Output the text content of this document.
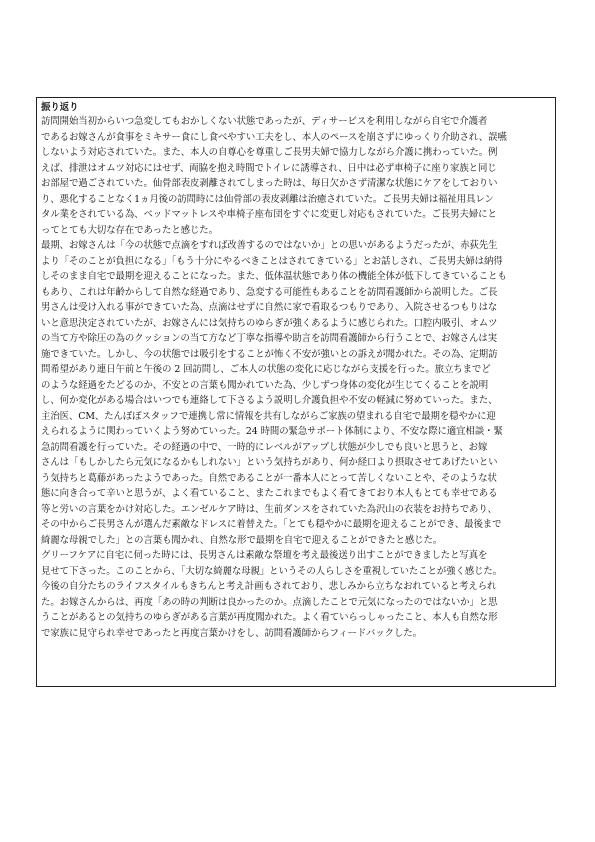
振り返り
訪問開始当初からいつ急変してもおかしくない状態であったが、ディサービスを利用しながら自宅で介護者
であるお嫁さんが食事をミキサー食にし食べやすい工夫をし、本人のペースを崩さずにゆっくり介助され、誤嚥
しないよう対応されていた。また、本人の自尊心を尊重しご長男夫婦で協力しながら介護に携わっていた。例
えば、排泄はオムツ対応にはせず、両脇を抱え時間でトイレに誘導され、日中は必ず車椅子に座り家族と同じ
お部屋で過ごされていた。仙骨部表皮剥離されてしまった時は、毎日欠かさず清潔な状態にケアをしておりい
り、悪化することなく1ヵ月後の訪問時には仙骨部の表皮剥離は治癒されていた。ご長男夫婦は福祉用具レン
タル業をされている為、ベッドマットレスや車椅子座布団をすぐに変更し対応もされていた。ご長男夫婦にと
ってとても大切な存在であったと感じた。
最期、お嫁さんは「今の状態で点滴をすれば改善するのではないか」との思いがあるようだったが、赤荻先生
より「そのことが負担になる」「もう十分にやるべきことはされてきている」とお話しされ、ご長男夫婦は納得
しそのまま自宅で最期を迎えることになった。また、低体温状態であり体の機能全体が低下してきていることも
もあり、これは年齢からして自然な経過であり、急変する可能性もあることを訪問看護師から説明した。ご長
男さんは受け入れる事ができていた為、点滴はせずに自然に家で看取るつもりであり、入院させるつもりはな
いと意思決定されていたが、お嫁さんには気持ちのゆらぎが強くあるように感じられた。口腔内吸引、オムツ
の当て方や除圧の為のクッションの当て方など丁寧な指導や助言を訪問看護師から行うことで、お嫁さんは実
施できていた。しかし、今の状態では吸引をすることが怖く不安が強いとの訴えが聞かれた。その為、定期訪
問希望があり連日午前と午後の 2 回訪問し、ご本人の状態の変化に応じながら支援を行った。旅立ちまでど
のような経過をたどるのか、不安との言葉も聞かれていた為、少しずつ身体の変化が生じてくることを説明
し、何か変化がある場合はいつでも連絡して下さるよう説明し介護負担や不安の軽減に努めていった。また、
主治医、CM、たんぽぽスタッフで連携し常に情報を共有しながらご家族の望まれる自宅で最期を穏やかに迎
えられるように関わっていくよう努めていった。24 時間の緊急サポート体制により、不安な際に適宜相談・緊
急訪問看護を行っていた。その経過の中で、一時的にレベルがアップし状態が少しでも良いと思うと、お嫁
さんは「もしかしたら元気になるかもしれない」という気持ちがあり、何か経口より摂取させてあげたいとい
う気持ちと葛藤があったようであった。自然であることが一番本人にとって苦しくないことや、そのような状
態に向き合って辛いと思うが、よく看ていること、またこれまでもよく看てきており本人もとても幸せである
等と労いの言葉をかけ対応した。エンゼルケア時は、生前ダンスをされていた為沢山の衣装をお持ちであり、
その中からご長男さんが選んだ素敵なドレスに着替えた。「とても穏やかに最期を迎えることができ、最後まで
綺麗な母親でした」との言葉も聞かれ、自然な形で最期を自宅で迎えることができたと感じた。
グリーフケアに自宅に伺った時には、長男さんは素敵な祭壇を考え最後送り出すことができましたと写真を
見せて下さった。このことから、「大切な綺麗な母親」というその人らしさを重視していたことが強く感じた。
今後の自分たちのライフスタイルもきちんと考え計画もされており、悲しみから立ちなおれていると考えられ
た。お嫁さんからは、再度「あの時の判断は良かったのか。点滴したことで元気になったのではないか」と思
うことがあるとの気持ちのゆらぎがある言葉が再度聞かれた。よく看ていらっしゃったこと、本人も自然な形
で家族に見守られ幸せであったと再度言葉かけをし、訪問看護師からフィードバックした。
